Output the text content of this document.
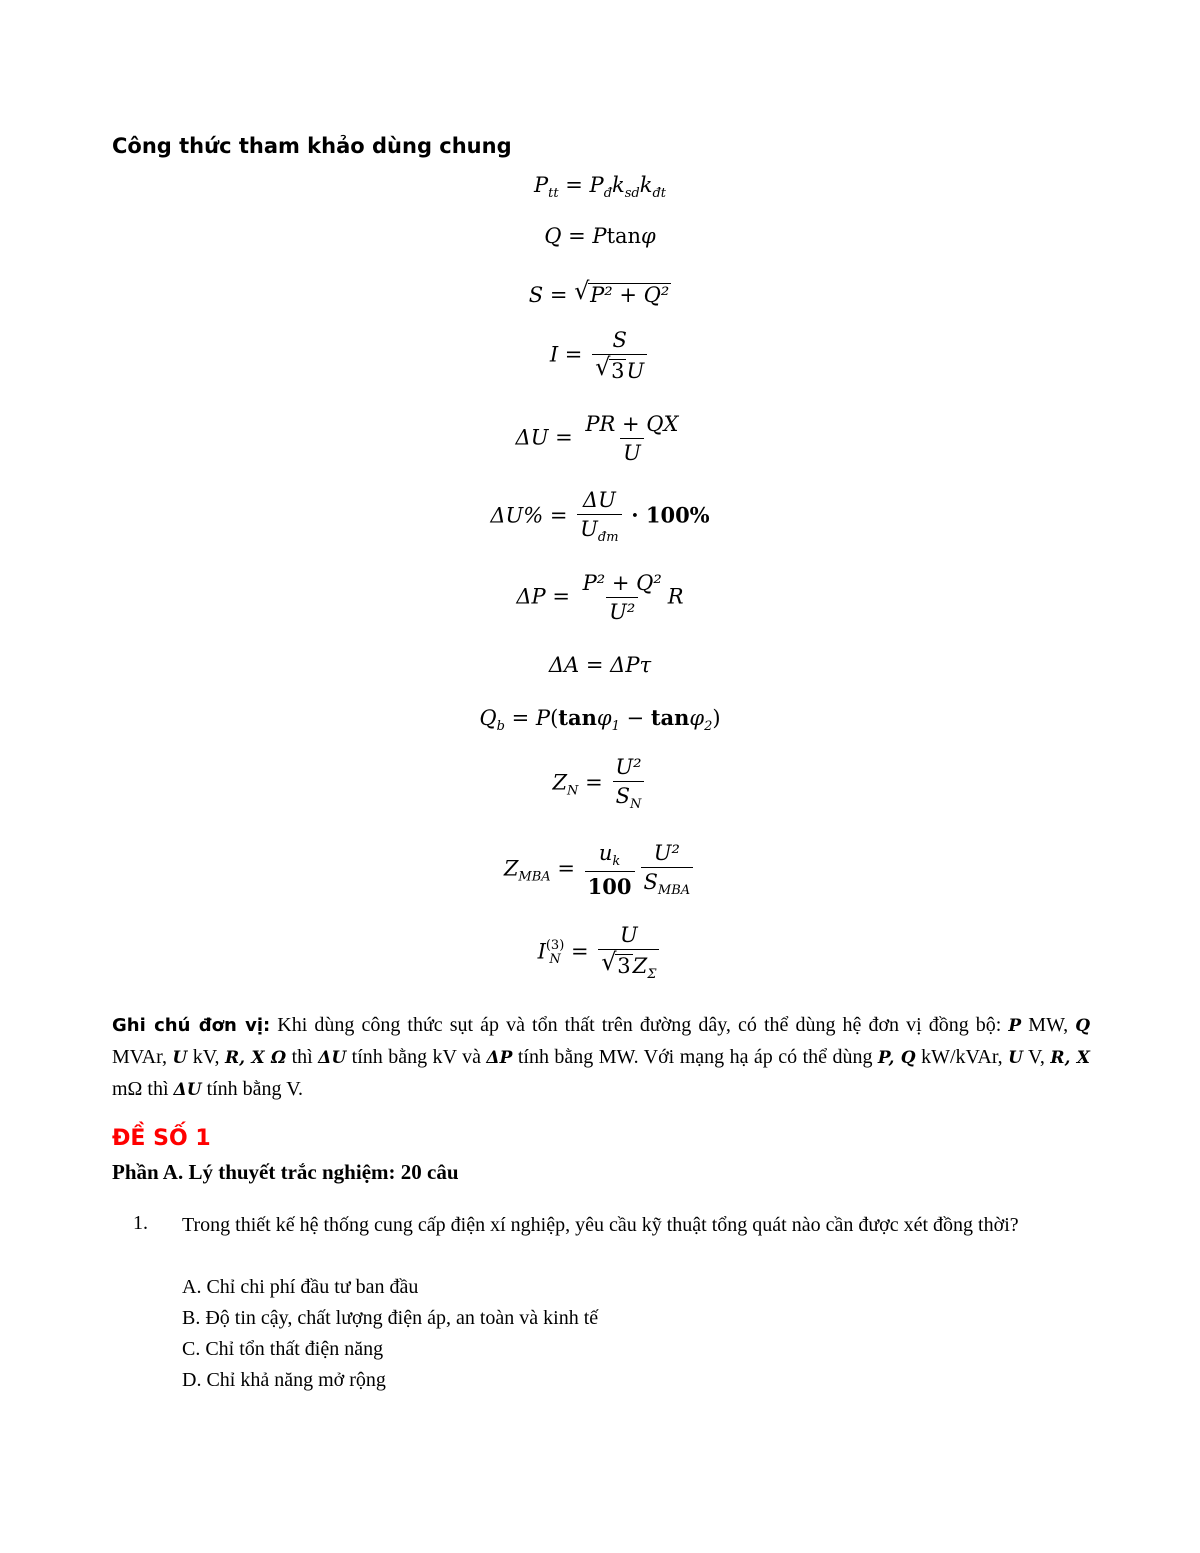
Công thức tham khảo dùng chung
$P_{tt} = P_đk_{sd}k_{đt}$
Q = Ptanφ
S = √ P² + Q²
$I = \frac{S}{√ 3U}$
$\Delta U = \frac{PR + QX}{U}$
$\Delta U\% = \frac{\Delta U}{U_{đm}} \cdot 100\%$
$\Delta P = \frac{\text{P² + Q²}}{\text{U²}}$ R
ΔA = ΔPτ
$Q_b = P(\tan\varphi_1 - \tan\varphi_2)$
$Z_N = \frac{\text{U²}}{S_N}$
$Z_{MBA} = \frac{u_k}{100} \frac{\text{U²}}{S_{MBA}}$
I (3)
$N = \frac{U}{√ 3Z_\Sigma}$
Ghi chú đơn vị: Khi dùng công thức sụt áp và tổn thất trên đường dây, có thể dùng hệ đơn vị đồng bộ: P MW, Q MVAr, U kV, R, X Ω thì ΔU tính bằng kV và ΔP tính bằng MW. Với mạng hạ áp có thể dùng P, Q kW/kVAr, U V, R, X mΩ thì ΔU tính bằng V.
ĐỀ SỐ 1
Phần A. Lý thuyết trắc nghiệm: 20 câu
1. Trong thiết kế hệ thống cung cấp điện xí nghiệp, yêu cầu kỹ thuật tổng quát nào cần được xét đồng thời?
A. Chỉ chi phí đầu tư ban đầu
B. Độ tin cậy, chất lượng điện áp, an toàn và kinh tế
C. Chỉ tổn thất điện năng
D. Chỉ khả năng mở rộng
